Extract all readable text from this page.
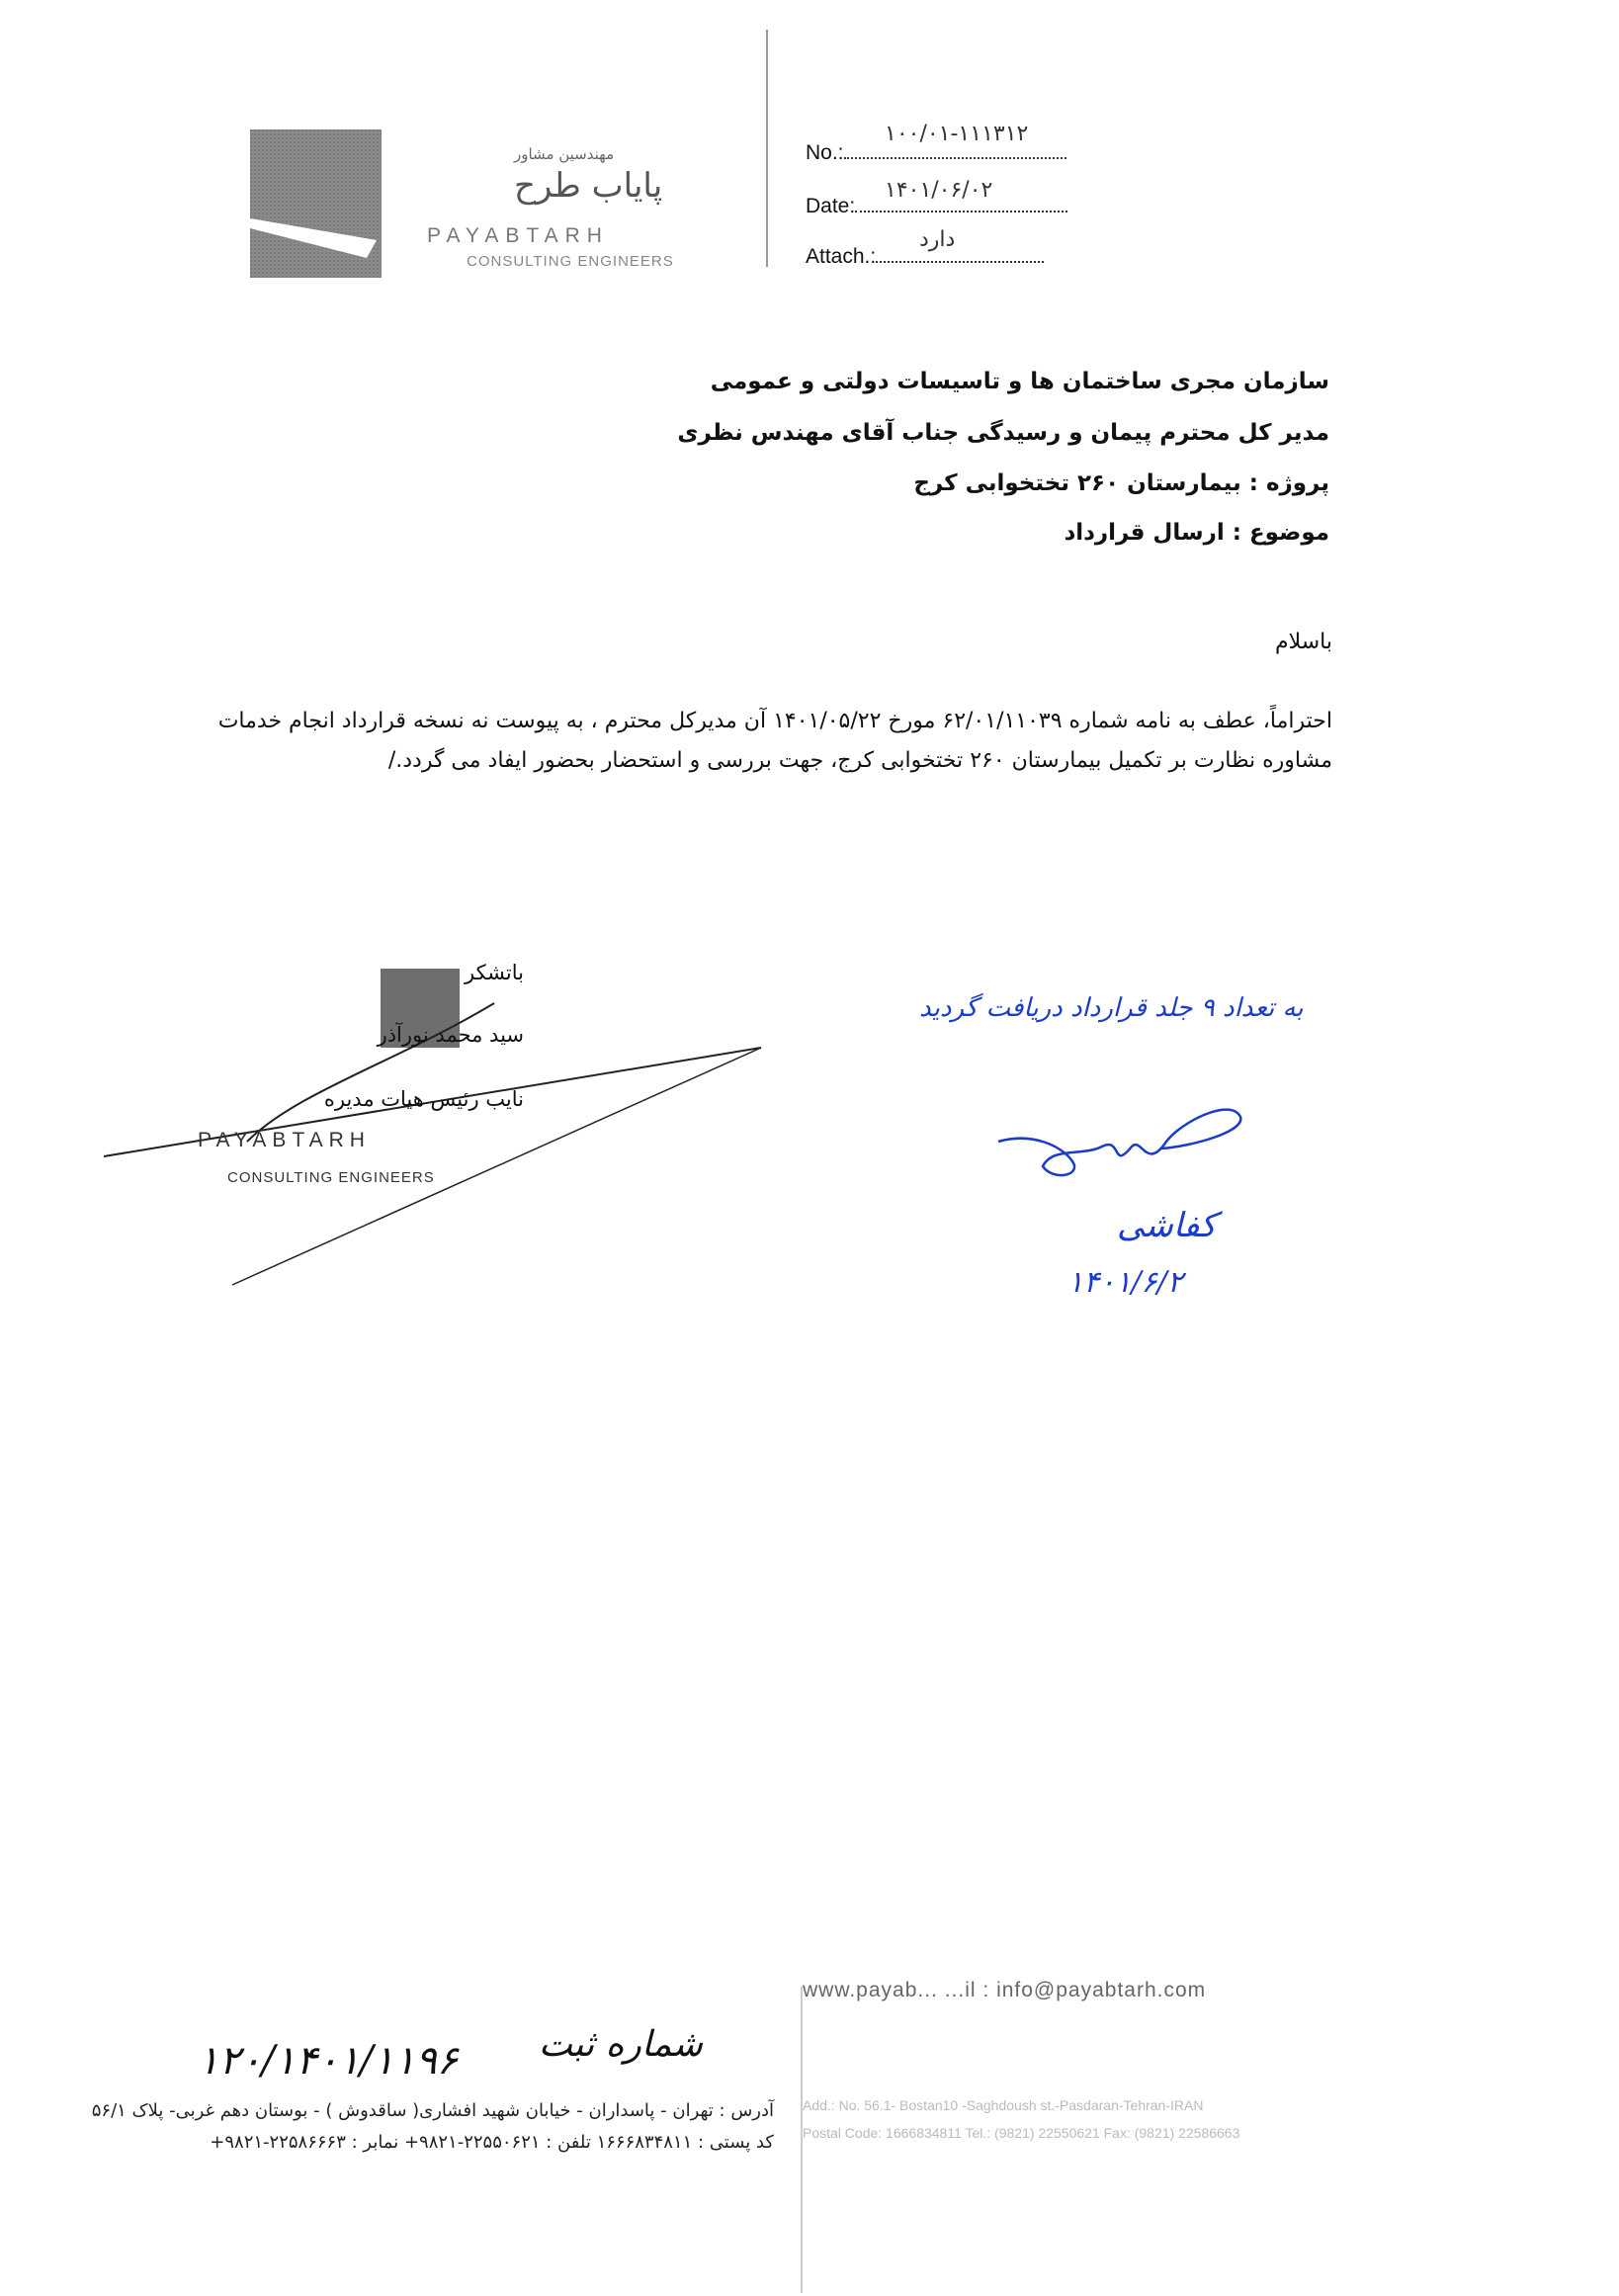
مهندسین مشاور
پایاب طرح
PAYABTARH
CONSULTING ENGINEERS
No.:
۱۰۰/۰۱-۱۱۱۳۱۲
Date:
۱۴۰۱/۰۶/۰۲
Attach.:
دارد
سازمان مجری ساختمان ها و تاسیسات دولتی و عمومی
مدیر کل محترم پیمان و رسیدگی جناب آقای مهندس نظری
پروژه : بیمارستان ۲۶۰ تختخوابی کرج
موضوع : ارسال قرارداد
باسلام
احتراماً، عطف به نامه شماره ۶۲/۰۱/۱۱۰۳۹ مورخ ۱۴۰۱/۰۵/۲۲ آن مدیرکل محترم ، به پیوست نه نسخه قرارداد انجام خدمات مشاوره نظارت بر تکمیل بیمارستان ۲۶۰ تختخوابی کرج، جهت بررسی و استحضار بحضور ایفاد می گردد./
PAYABTARH
CONSULTING ENGINEERS
باتشکر
سید محمد نورآذر
نایب رئیس هیات مدیره
به تعداد ۹ جلد قرارداد دریافت گردید
کفاشی
۱۴۰۱/۶/۲
www.payab... ...il : info@payabtarh.com
Add.: No. 56.1- Bostan10 -Saghdoush st.-Pasdaran-Tehran-IRAN
Postal Code: 1666834811 Tel.: (9821) 22550621 Fax: (9821) 22586663
شماره ثبت
۱۲۰/۱۴۰۱/۱۱۹۶
آدرس : تهران - پاسداران - خیابان شهید افشاری( ساقدوش ) - بوستان دهم غربی- پلاک ۵۶/۱
کد پستی : ۱۶۶۶۸۳۴۸۱۱ تلفن : ۲۲۵۵۰۶۲۱-۹۸۲۱+ نمابر : ۲۲۵۸۶۶۶۳-۹۸۲۱+
